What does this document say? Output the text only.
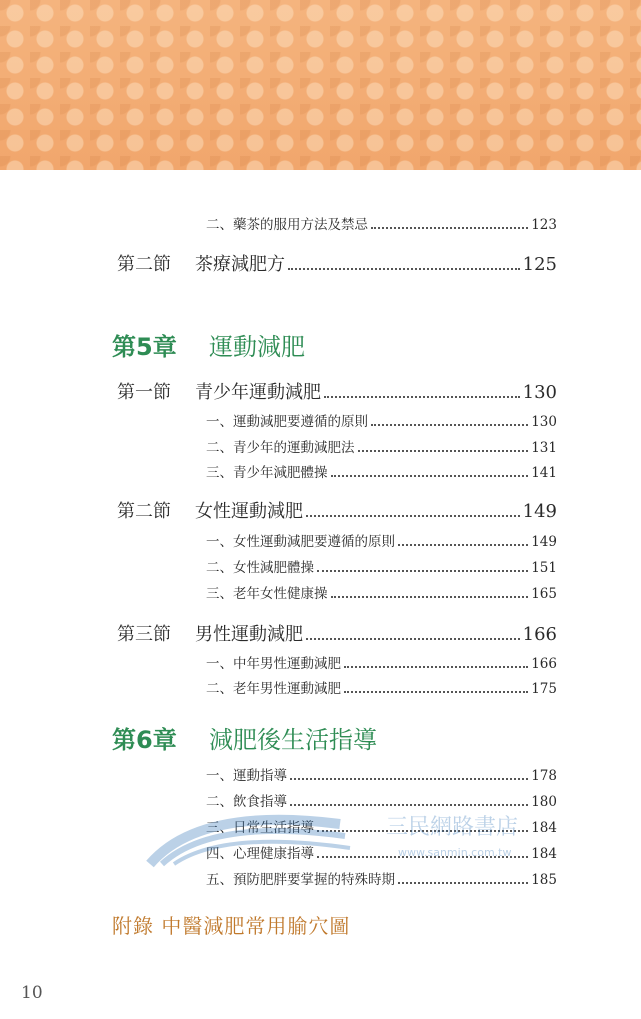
二、藥茶的服用方法及禁忌	123
第二節	茶療減肥方	125
第5章	運動減肥
第一節	青少年運動減肥	130
一、運動減肥要遵循的原則	130
二、青少年的運動減肥法	131
三、青少年減肥體操	141
第二節	女性運動減肥	149
一、女性運動減肥要遵循的原則	149
二、女性減肥體操	151
三、老年女性健康操	165
第三節	男性運動減肥	166
一、中年男性運動減肥	166
二、老年男性運動減肥	175
第6章	減肥後生活指導
一、運動指導	178
二、飲食指導	180
三、日常生活指導	184
四、心理健康指導	184
五、預防肥胖要掌握的特殊時期	185
三民網路書店
www.sanmin.com.tw
附錄 中醫減肥常用腧穴圖
10
